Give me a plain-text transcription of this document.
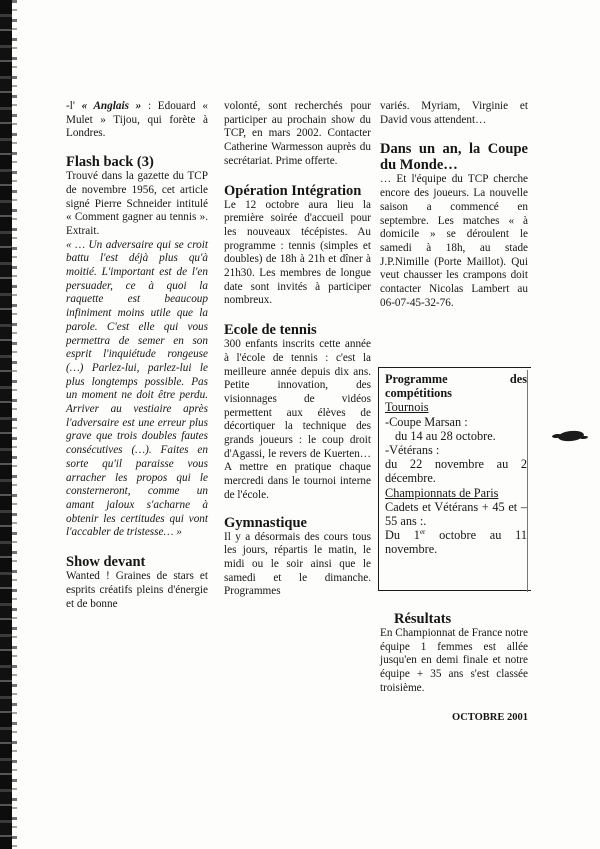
-l' « Anglais » : Edouard « Mulet » Tijou, qui forète à Londres.

Flash back (3)

Trouvé dans la gazette du TCP de novembre 1956, cet article signé Pierre Schneider intitulé « Comment gagner au tennis ». Extrait.

« … Un adversaire qui se croit battu l'est déjà plus qu'à moitié. L'important est de l'en persuader, ce à quoi la raquette est beaucoup infiniment moins utile que la parole. C'est elle qui vous permettra de semer en son esprit l'inquiétude rongeuse (…) Parlez-lui, parlez-lui le plus longtemps possible. Pas un moment ne doit être perdu. Arriver au vestiaire après l'adversaire est une erreur plus grave que trois doubles fautes consécutives (…). Faites en sorte qu'il paraisse vous arracher les propos qui le consterneront, comme un amant jaloux s'acharne à obtenir les certitudes qui vont l'accabler de tristesse… »

Show devant

Wanted ! Graines de stars et esprits créatifs pleins d'énergie et de bonne

volonté, sont recherchés pour participer au prochain show du TCP, en mars 2002. Contacter Catherine Warmesson auprès du secrétariat. Prime offerte.

Opération Intégration

Le 12 octobre aura lieu la première soirée d'accueil pour les nouveaux técépistes. Au programme : tennis (simples et doubles) de 18h à 21h et dîner à 21h30. Les membres de longue date sont invités à participer nombreux.

Ecole de tennis

300 enfants inscrits cette année à l'école de tennis : c'est la meilleure année depuis dix ans. Petite innovation, des visionnages de vidéos permettent aux élèves de décortiquer la technique des grands joueurs : le coup droit d'Agassi, le revers de Kuerten… A mettre en pratique chaque mercredi dans le tournoi interne de l'école.

Gymnastique

Il y a désormais des cours tous les jours, répartis le matin, le midi ou le soir ainsi que le samedi et le dimanche. Programmes

variés. Myriam, Virginie et David vous attendent…

Dans un an, la Coupe du Monde…

… Et l'équipe du TCP cherche encore des joueurs. La nouvelle saison a commencé en septembre. Les matches « à domicile » se déroulent le samedi à 18h, au stade J.P.Nimille (Porte Maillot). Qui veut chausser les crampons doit contacter Nicolas Lambert au 06-07-45-32-76.

Programme	des
compétitions
Tournois
-Coupe Marsan :
du 14 au 28 octobre.
-Vétérans :
du 22 novembre au 2 décembre.
Championnats de Paris
Cadets et Vétérans + 45 et – 55 ans :.
Du 1er octobre au 11 novembre.
Résultats

En Championnat de France notre équipe 1 femmes est allée jusqu'en en demi finale et notre équipe + 35 ans s'est classée troisième.

OCTOBRE 2001
